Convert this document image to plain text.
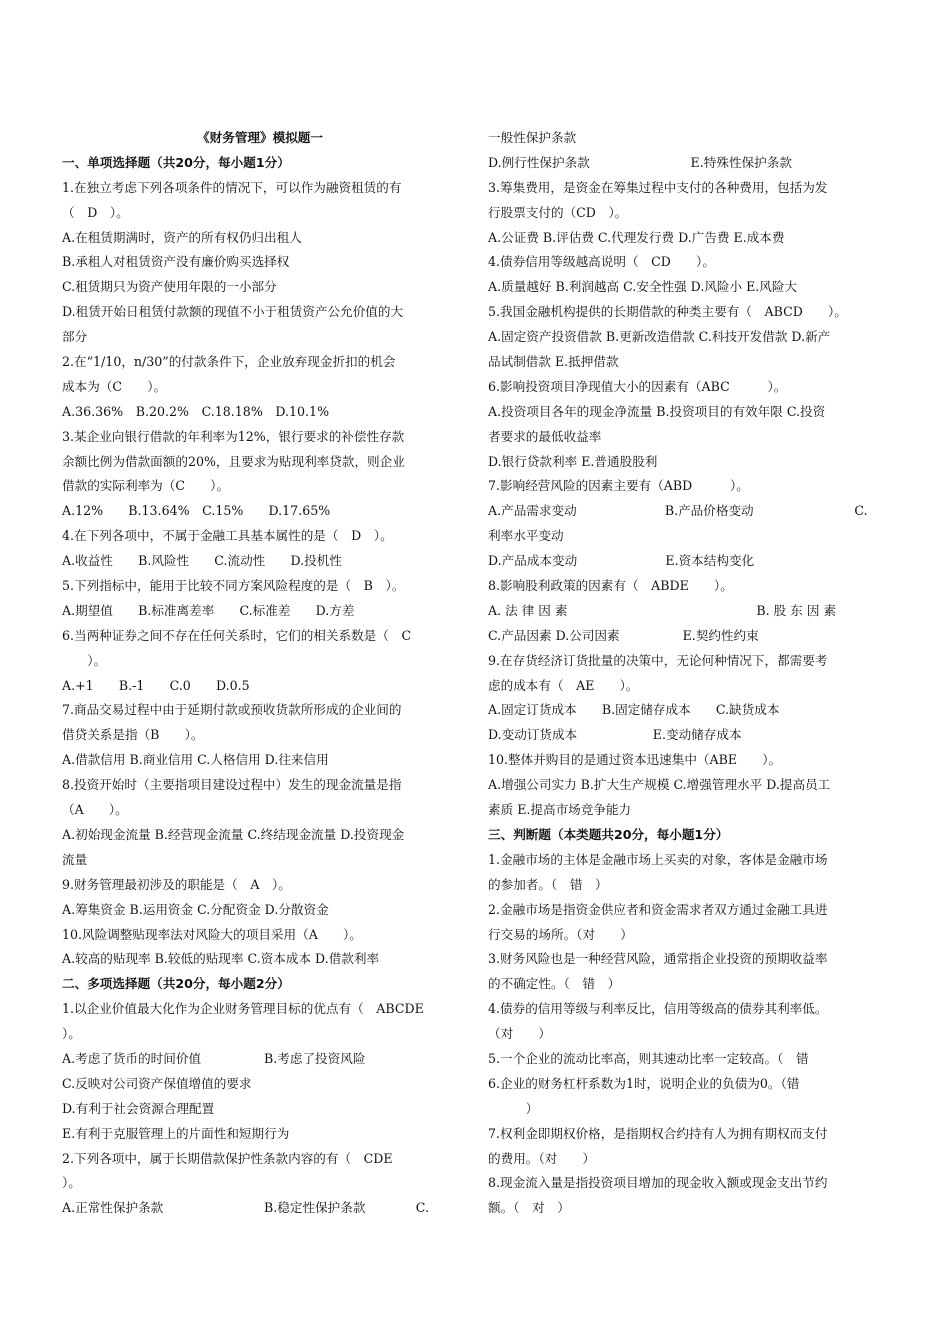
《财务管理》模拟题一
一、单项选择题（共20分，每小题1分）
1.在独立考虑下列各项条件的情况下，可以作为融资租赁的有
（　D　）。
A.在租赁期满时，资产的所有权仍归出租人
B.承租人对租赁资产没有廉价购买选择权
C.租赁期只为资产使用年限的一小部分
D.租赁开始日租赁付款额的现值不小于租赁资产公允价值的大
部分
2.在“1/10，n/30”的付款条件下，企业放弃现金折扣的机会
成本为（C　　）。
A.36.36%　B.20.2%　C.18.18%　D.10.1%
3.某企业向银行借款的年利率为12%，银行要求的补偿性存款
余额比例为借款面额的20%，且要求为贴现利率贷款，则企业
借款的实际利率为（C　　）。
A.12%　　B.13.64%　C.15%　　D.17.65%
4.在下列各项中，不属于金融工具基本属性的是（　D　）。
A.收益性　　B.风险性　　C.流动性　　D.投机性
5.下列指标中，能用于比较不同方案风险程度的是（　B　）。
A.期望值　　B.标准离差率　　C.标准差　　D.方差
6.当两种证券之间不存在任何关系时，它们的相关系数是（　C
　　）。
A.+1　　B.-1　　C.0　　D.0.5
7.商品交易过程中由于延期付款或预收货款所形成的企业间的
借贷关系是指（B　　）。
A.借款信用 B.商业信用 C.人格信用 D.往来信用
8.投资开始时（主要指项目建设过程中）发生的现金流量是指
（A　　）。
A.初始现金流量 B.经营现金流量 C.终结现金流量 D.投资现金
流量
9.财务管理最初涉及的职能是（　A　）。
A.筹集资金 B.运用资金 C.分配资金 D.分散资金
10.风险调整贴现率法对风险大的项目采用（A　　）。
A.较高的贴现率 B.较低的贴现率 C.资本成本 D.借款利率
二、多项选择题（共20分，每小题2分）
1.以企业价值最大化作为企业财务管理目标的优点有（　ABCDE
）。
A.考虑了货币的时间价值　　　　　B.考虑了投资风险
C.反映对公司资产保值增值的要求
D.有利于社会资源合理配置
E.有利于克服管理上的片面性和短期行为
2.下列各项中，属于长期借款保护性条款内容的有（　CDE
）。
A.正常性保护条款　　　　　　　　B.稳定性保护条款　　　　C.
一般性保护条款
D.例行性保护条款　　　　　　　　E.特殊性保护条款
3.筹集费用，是资金在筹集过程中支付的各种费用，包括为发
行股票支付的（CD　）。
A.公证费 B.评估费 C.代理发行费 D.广告费 E.成本费
4.债券信用等级越高说明（　CD　　）。
A.质量越好 B.利润越高 C.安全性强 D.风险小 E.风险大
5.我国金融机构提供的长期借款的种类主要有（　ABCD　　）。
A.固定资产投资借款 B.更新改造借款 C.科技开发借款 D.新产
品试制借款 E.抵押借款
6.影响投资项目净现值大小的因素有（ABC　　　）。
A.投资项目各年的现金净流量 B.投资项目的有效年限 C.投资
者要求的最低收益率
D.银行贷款利率 E.普通股股利
7.影响经营风险的因素主要有（ABD　　　）。
A.产品需求变动　　　　　　　B.产品价格变动　　　　　　　　C.
利率水平变动
D.产品成本变动　　　　　　　E.资本结构变化
8.影响股利政策的因素有（　ABDE　　）。
A. 法 律 因 素　　　　　　　　　　　　　　　B. 股 东 因 素
C.产品因素 D.公司因素　　　　　E.契约性约束
9.在存货经济订货批量的决策中，无论何种情况下，都需要考
虑的成本有（　AE　　）。
A.固定订货成本　　B.固定储存成本　　C.缺货成本
D.变动订货成本　　　　　　E.变动储存成本
10.整体并购目的是通过资本迅速集中（ABE　　）。
A.增强公司实力 B.扩大生产规模 C.增强管理水平 D.提高员工
素质 E.提高市场竞争能力
三、判断题（本类题共20分，每小题1分）
1.金融市场的主体是金融市场上买卖的对象，客体是金融市场
的参加者。（　错　）
2.金融市场是指资金供应者和资金需求者双方通过金融工具进
行交易的场所。（对　　）
3.财务风险也是一种经营风险，通常指企业投资的预期收益率
的不确定性。（　错　）
4.债券的信用等级与利率反比，信用等级高的债券其利率低。
（对　　）
5.一个企业的流动比率高，则其速动比率一定较高。（　错
6.企业的财务杠杆系数为1时，说明企业的负债为0。（错
　　　）
7.权利金即期权价格，是指期权合约持有人为拥有期权而支付
的费用。（对　　）
8.现金流入量是指投资项目增加的现金收入额或现金支出节约
额。（　对　）
